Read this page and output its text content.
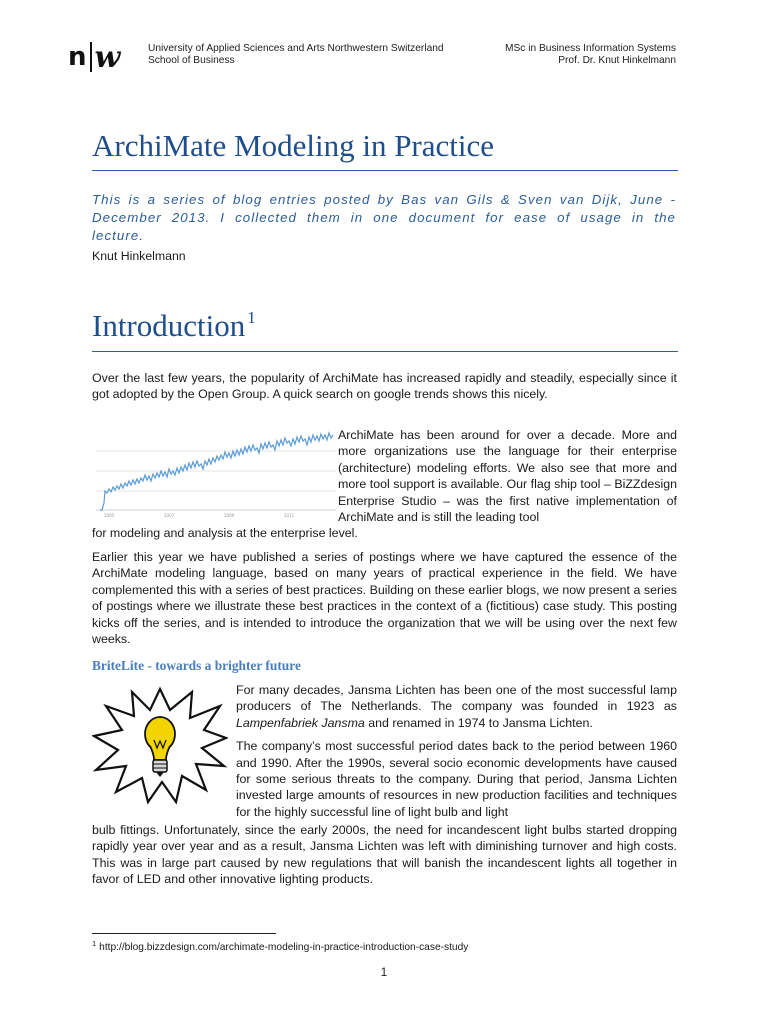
n w	University of Applied Sciences and Arts Northwestern Switzerland
School of Business
MSc in Business Information Systems
Prof. Dr. Knut Hinkelmann
ArchiMate Modeling in Practice
This is a series of blog entries posted by Bas van Gils & Sven van Dijk, June - December 2013. I collected them in one document for ease of usage in the lecture.
Knut Hinkelmann
Introduction $^1$

Over the last few years, the popularity of ArchiMate has increased rapidly and steadily, especially since it got adopted by the Open Group. A quick search on google trends shows this nicely.

2005	2007	2009	2011
ArchiMate has been around for over a decade. More and more organizations use the language for their enterprise (architecture) modeling efforts. We also see that more and more tool support is available. Our flag ship tool – BiZZdesign Enterprise Studio – was the first native implementation of ArchiMate and is still the leading tool
for modeling and analysis at the enterprise level.

Earlier this year we have published a series of postings where we have captured the essence of the ArchiMate modeling language, based on many years of practical experience in the field. We have complemented this with a series of best practices. Building on these earlier blogs, we now present a series of postings where we illustrate these best practices in the context of a (fictitious) case study. This posting kicks off the series, and is intended to introduce the organization that we will be using over the next few weeks.

BriteLite - towards a brighter future

For many decades, Jansma Lichten has been one of the most successful lamp producers of The Netherlands. The company was founded in 1923 as Lampenfabriek Jansma and renamed in 1974 to Jansma Lichten.

The company’s most successful period dates back to the period between 1960 and 1990. After the 1990s, several socio economic developments have caused for some serious threats to the company. During that period, Jansma Lichten invested large amounts of resources in new production facilities and techniques for the highly successful line of light bulb and light

bulb fittings. Unfortunately, since the early 2000s, the need for incandescent light bulbs started dropping rapidly year over year and as a result, Jansma Lichten was left with diminishing turnover and high costs. This was in large part caused by new regulations that will banish the incandescent lights all together in favor of LED and other innovative lighting products.

$^1$ http://blog.bizzdesign.com/archimate-modeling-in-practice-introduction-case-study
1
